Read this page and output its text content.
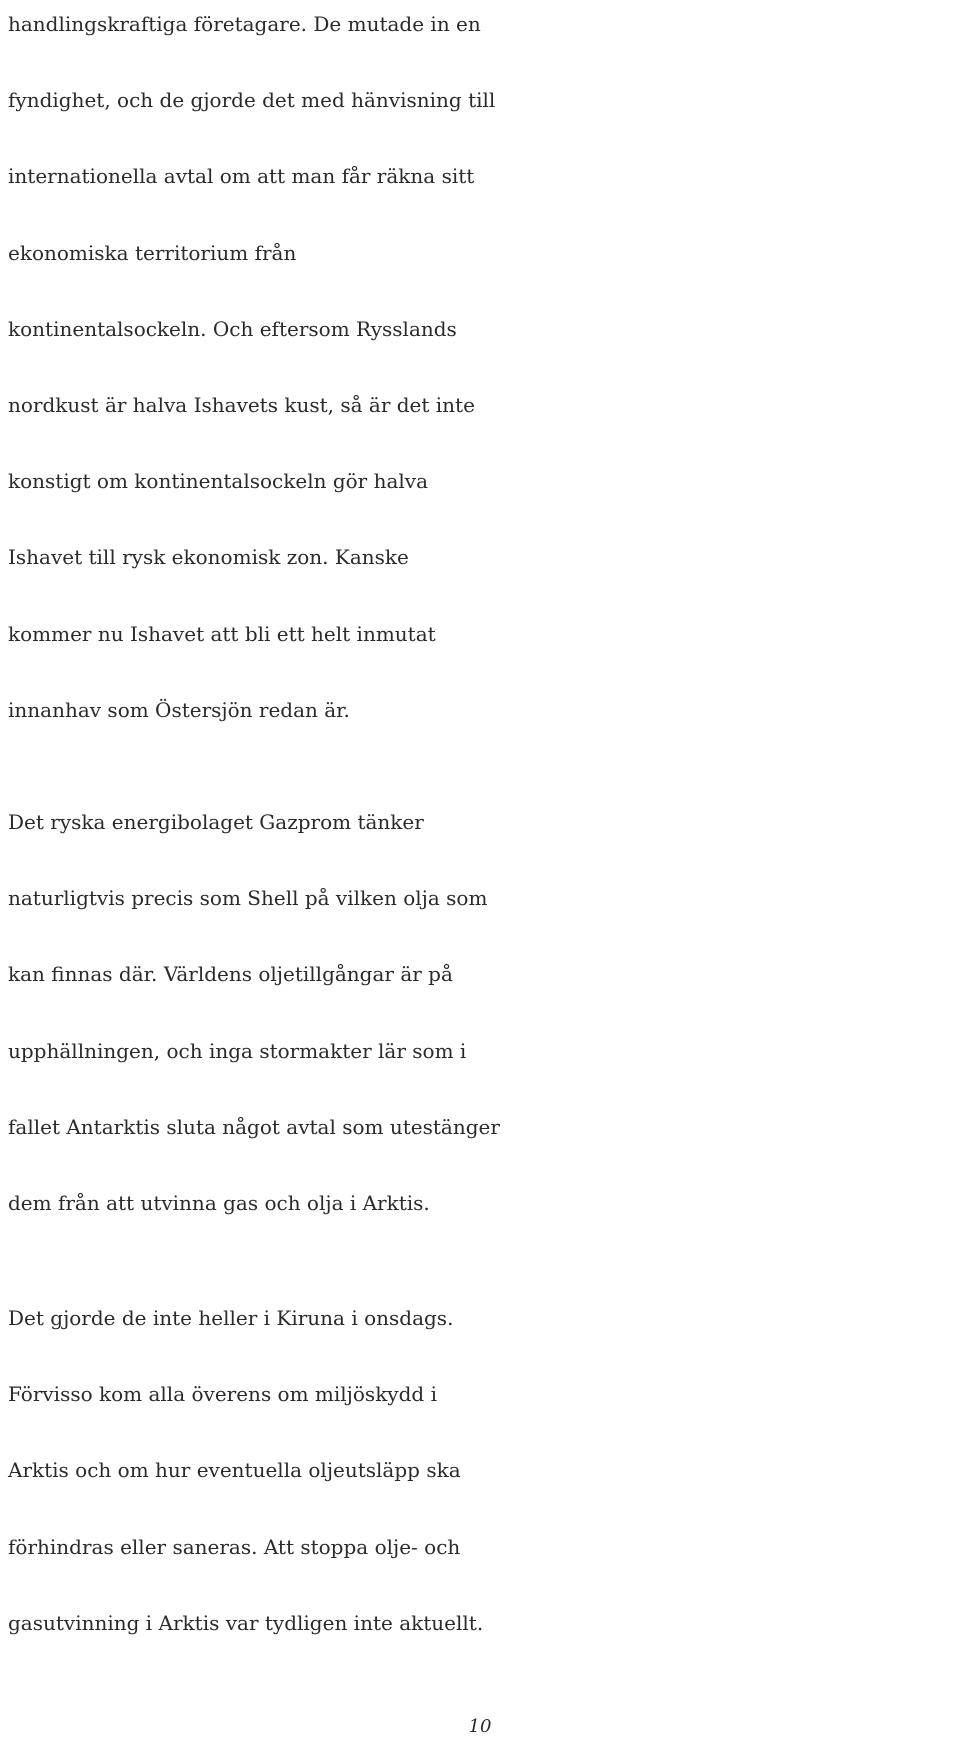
handlingskraftiga företagare. De mutade in en
fyndighet, och de gjorde det med hänvisning till
internationella avtal om att man får räkna sitt
ekonomiska territorium från
kontinentalsockeln. Och eftersom Rysslands
nordkust är halva Ishavets kust, så är det inte
konstigt om kontinentalsockeln gör halva
Ishavet till rysk ekonomisk zon. Kanske
kommer nu Ishavet att bli ett helt inmutat
innanhav som Östersjön redan är.
Det ryska energibolaget Gazprom tänker
naturligtvis precis som Shell på vilken olja som
kan finnas där. Världens oljetillgångar är på
upphällningen, och inga stormakter lär som i
fallet Antarktis sluta något avtal som utestänger
dem från att utvinna gas och olja i Arktis.
Det gjorde de inte heller i Kiruna i onsdags.
Förvisso kom alla överens om miljöskydd i
Arktis och om hur eventuella oljeutsläpp ska
förhindras eller saneras. Att stoppa olje- och
gasutvinning i Arktis var tydligen inte aktuellt.
10
